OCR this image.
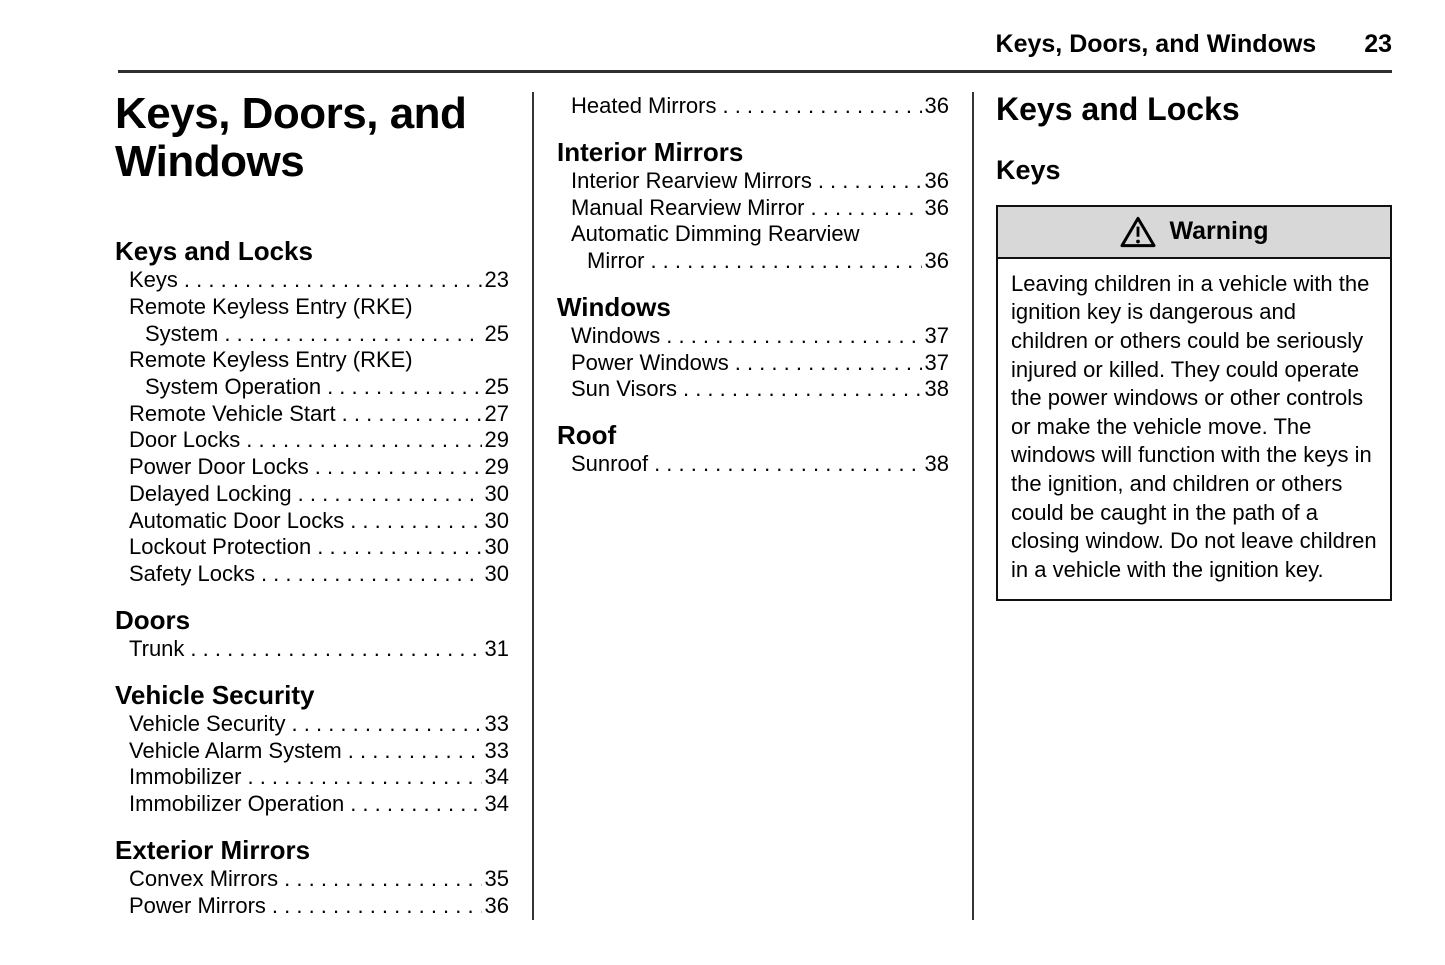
Keys, Doors, and Windows 23
Keys, Doors, and Windows
Keys and Locks
Keys . . .	23
Remote Keyless Entry (RKE)
System . . .	25
Remote Keyless Entry (RKE)
System Operation . . .	25
Remote Vehicle Start . . .	27
Door Locks . . .	29
Power Door Locks . . .	29
Delayed Locking . . .	30
Automatic Door Locks . . .	30
Lockout Protection . . .	30
Safety Locks . . .	30
Doors
Trunk . . .	31
Vehicle Security
Vehicle Security . . .	33
Vehicle Alarm System . . .	33
Immobilizer . . .	34
Immobilizer Operation . . .	34
Exterior Mirrors
Convex Mirrors . . .	35
Power Mirrors . . .	36
Heated Mirrors . . .	36
Interior Mirrors
Interior Rearview Mirrors . . .	36
Manual Rearview Mirror . . .	36
Automatic Dimming Rearview
Mirror . . .	36
Windows
Windows . . .	37
Power Windows . . .	37
Sun Visors . . .	38
Roof
Sunroof . . .	38
Keys and Locks
Keys
Warning
Leaving children in a vehicle with the ignition key is dangerous and children or others could be seriously injured or killed. They could operate the power windows or other controls or make the vehicle move. The windows will function with the keys in the ignition, and children or others could be caught in the path of a closing window. Do not leave children in a vehicle with the ignition key.
